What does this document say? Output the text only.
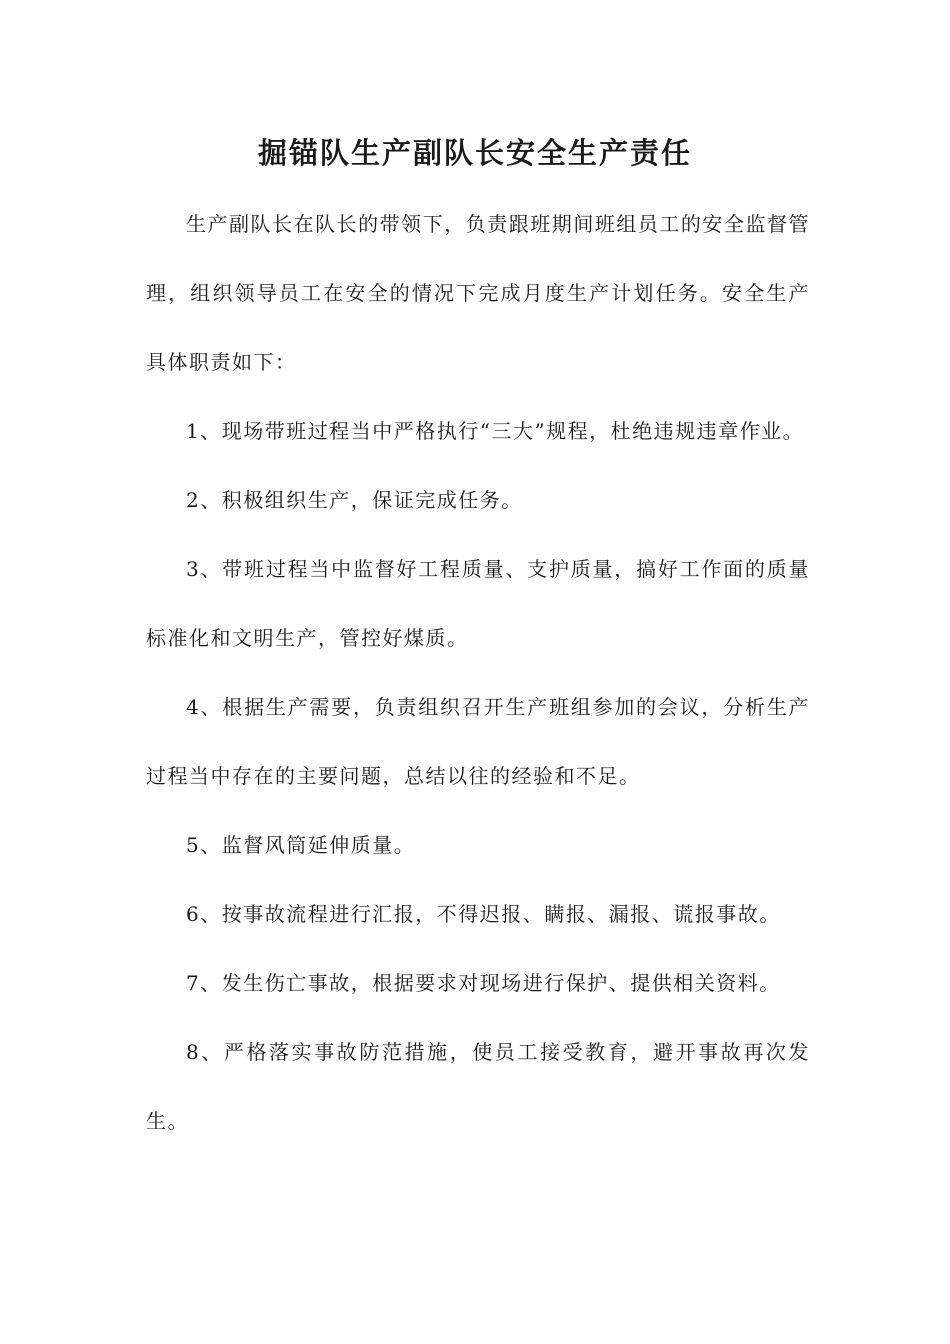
掘锚队生产副队长安全生产责任

生产副队长在队长的带领下，负责跟班期间班组员工的安全监督管理，组织领导员工在安全的情况下完成月度生产计划任务。安全生产具体职责如下：

1、现场带班过程当中严格执行“三大”规程，杜绝违规违章作业。

2、积极组织生产，保证完成任务。

3、带班过程当中监督好工程质量、支护质量，搞好工作面的质量标准化和文明生产，管控好煤质。

4、根据生产需要，负责组织召开生产班组参加的会议，分析生产过程当中存在的主要问题，总结以往的经验和不足。

5、监督风筒延伸质量。

6、按事故流程进行汇报，不得迟报、瞒报、漏报、谎报事故。

7、发生伤亡事故，根据要求对现场进行保护、提供相关资料。

8、严格落实事故防范措施，使员工接受教育，避开事故再次发生。
